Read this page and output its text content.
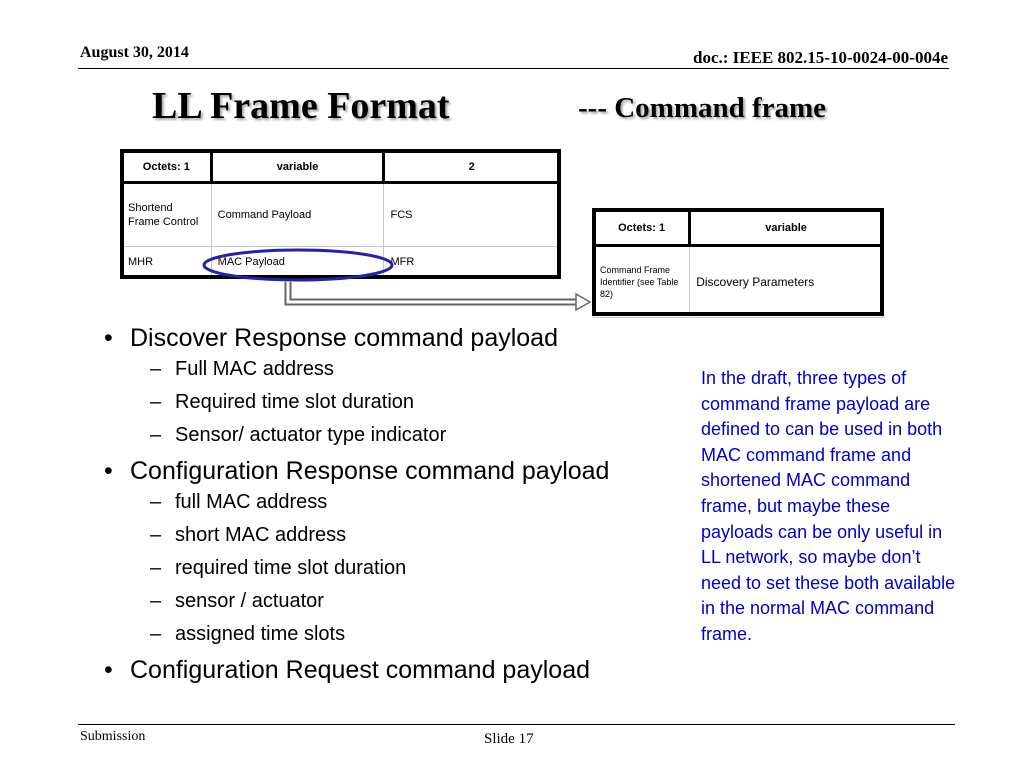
August 30, 2014	doc.: IEEE 802.15-10-0024-00-004e
LL Frame Format	--- Command frame
Octets: 1	variable	2
Shortend Frame Control	Command Payload	FCS
MHR	MAC Payload	MFR
Octets: 1	variable
Command Frame Identifier (see Table 82)	Discovery Parameters
• Discover Response command payload
– Full MAC address
– Required time slot duration
– Sensor/ actuator type indicator
• Configuration Response command payload
– full MAC address
– short MAC address
– required time slot duration
– sensor / actuator
– assigned time slots
• Configuration Request command payload
In the draft, three types of command frame payload are defined to can be used in both MAC command frame and shortened MAC command frame, but maybe these payloads can be only useful in LL network, so maybe don’t need to set these both available in the normal MAC command frame.
Submission	Slide 17
